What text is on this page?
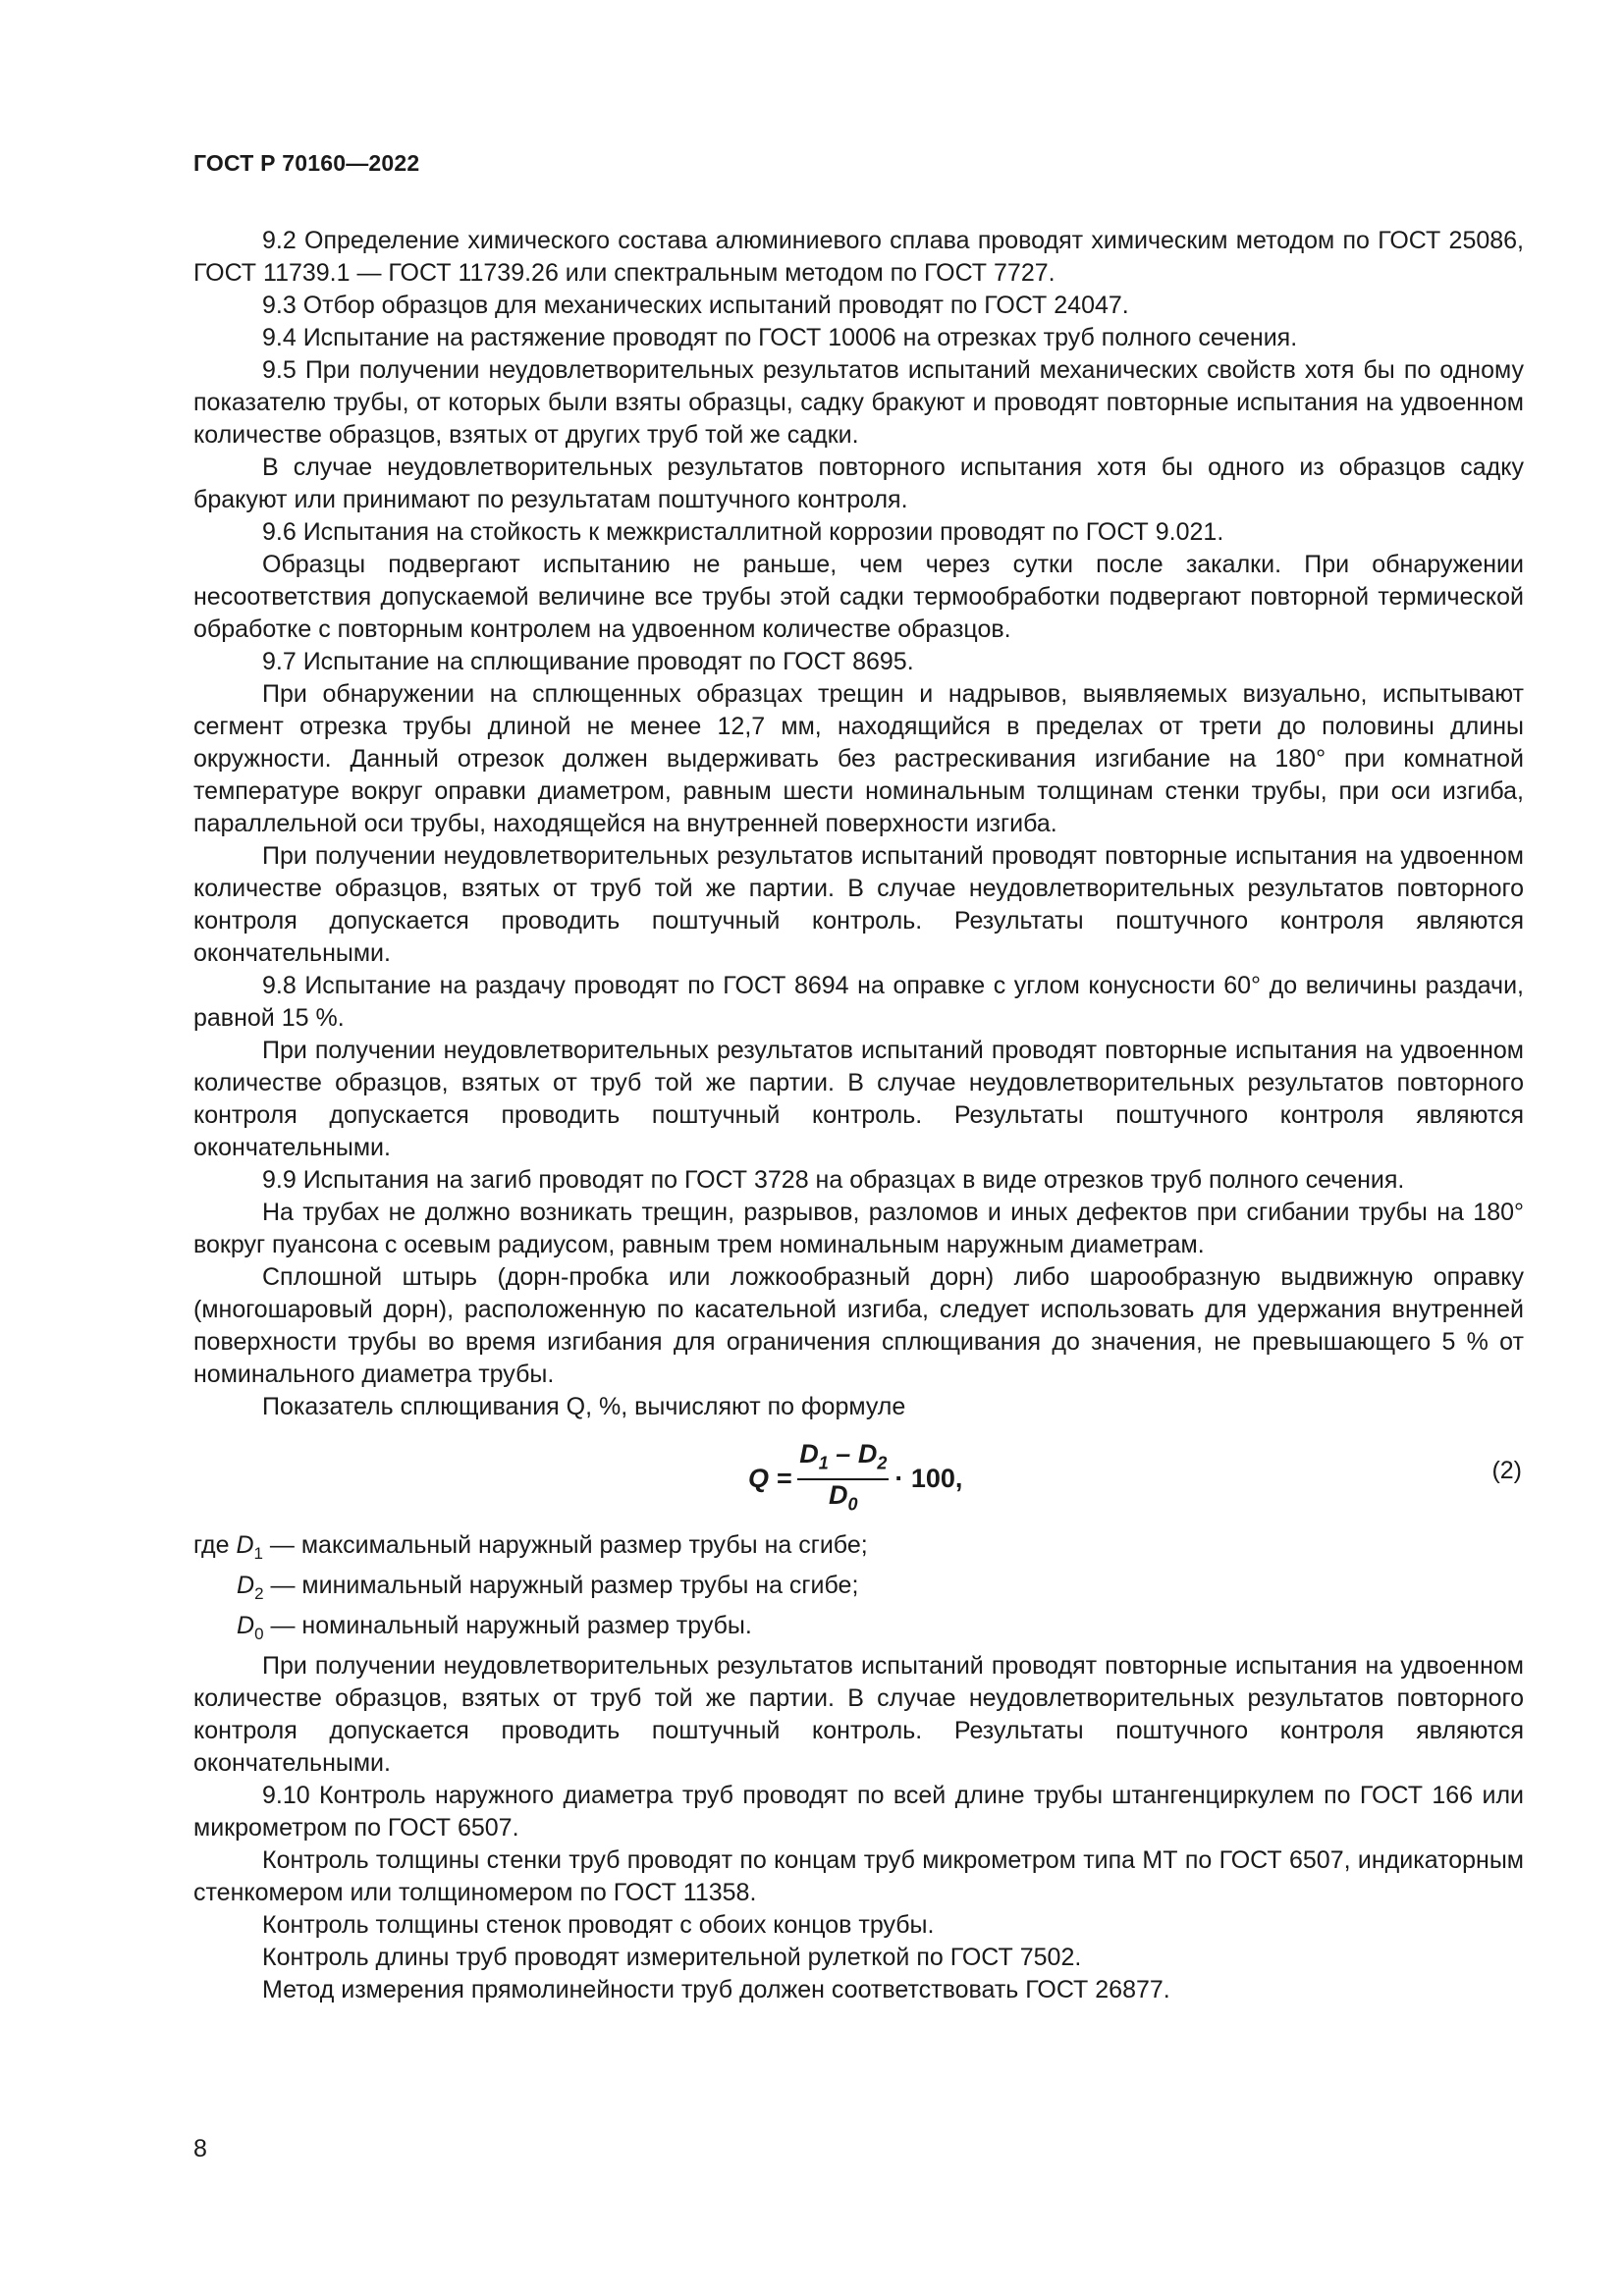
ГОСТ Р 70160—2022

9.2 Определение химического состава алюминиевого сплава проводят химическим методом по ГОСТ 25086, ГОСТ 11739.1 — ГОСТ 11739.26 или спектральным методом по ГОСТ 7727.

9.3 Отбор образцов для механических испытаний проводят по ГОСТ 24047.

9.4 Испытание на растяжение проводят по ГОСТ 10006 на отрезках труб полного сечения.

9.5 При получении неудовлетворительных результатов испытаний механических свойств хотя бы по одному показателю трубы, от которых были взяты образцы, садку бракуют и проводят повторные испытания на удвоенном количестве образцов, взятых от других труб той же садки.

В случае неудовлетворительных результатов повторного испытания хотя бы одного из образцов садку бракуют или принимают по результатам поштучного контроля.

9.6 Испытания на стойкость к межкристаллитной коррозии проводят по ГОСТ 9.021.

Образцы подвергают испытанию не раньше, чем через сутки после закалки. При обнаружении несоответствия допускаемой величине все трубы этой садки термообработки подвергают повторной термической обработке с повторным контролем на удвоенном количестве образцов.

9.7 Испытание на сплющивание проводят по ГОСТ 8695.

При обнаружении на сплющенных образцах трещин и надрывов, выявляемых визуально, испытывают сегмент отрезка трубы длиной не менее 12,7 мм, находящийся в пределах от трети до половины длины окружности. Данный отрезок должен выдерживать без растрескивания изгибание на 180° при комнатной температуре вокруг оправки диаметром, равным шести номинальным толщинам стенки трубы, при оси изгиба, параллельной оси трубы, находящейся на внутренней поверхности изгиба.

При получении неудовлетворительных результатов испытаний проводят повторные испытания на удвоенном количестве образцов, взятых от труб той же партии. В случае неудовлетворительных результатов повторного контроля допускается проводить поштучный контроль. Результаты поштучного контроля являются окончательными.

9.8 Испытание на раздачу проводят по ГОСТ 8694 на оправке с углом конусности 60° до величины раздачи, равной 15 %.

При получении неудовлетворительных результатов испытаний проводят повторные испытания на удвоенном количестве образцов, взятых от труб той же партии. В случае неудовлетворительных результатов повторного контроля допускается проводить поштучный контроль. Результаты поштучного контроля являются окончательными.

9.9 Испытания на загиб проводят по ГОСТ 3728 на образцах в виде отрезков труб полного сечения.

На трубах не должно возникать трещин, разрывов, разломов и иных дефектов при сгибании трубы на 180° вокруг пуансона с осевым радиусом, равным трем номинальным наружным диаметрам.

Сплошной штырь (дорн-пробка или ложкообразный дорн) либо шарообразную выдвижную оправку (многошаровый дорн), расположенную по касательной изгиба, следует использовать для удержания внутренней поверхности трубы во время изгибания для ограничения сплющивания до значения, не превышающего 5 % от номинального диаметра трубы.

Показатель сплющивания Q, %, вычисляют по формуле

$Q = \frac{D_1 - D_2}{D_0} \cdot 100$,	(2)

где $D_1$ — максимальный наружный размер трубы на сгибе;

$D_2$ — минимальный наружный размер трубы на сгибе;

$D_0$ — номинальный наружный размер трубы.

При получении неудовлетворительных результатов испытаний проводят повторные испытания на удвоенном количестве образцов, взятых от труб той же партии. В случае неудовлетворительных результатов повторного контроля допускается проводить поштучный контроль. Результаты поштучного контроля являются окончательными.

9.10 Контроль наружного диаметра труб проводят по всей длине трубы штангенциркулем по ГОСТ 166 или микрометром по ГОСТ 6507.

Контроль толщины стенки труб проводят по концам труб микрометром типа МТ по ГОСТ 6507, индикаторным стенкомером или толщиномером по ГОСТ 11358.

Контроль толщины стенок проводят с обоих концов трубы.

Контроль длины труб проводят измерительной рулеткой по ГОСТ 7502.

Метод измерения прямолинейности труб должен соответствовать ГОСТ 26877.

8
